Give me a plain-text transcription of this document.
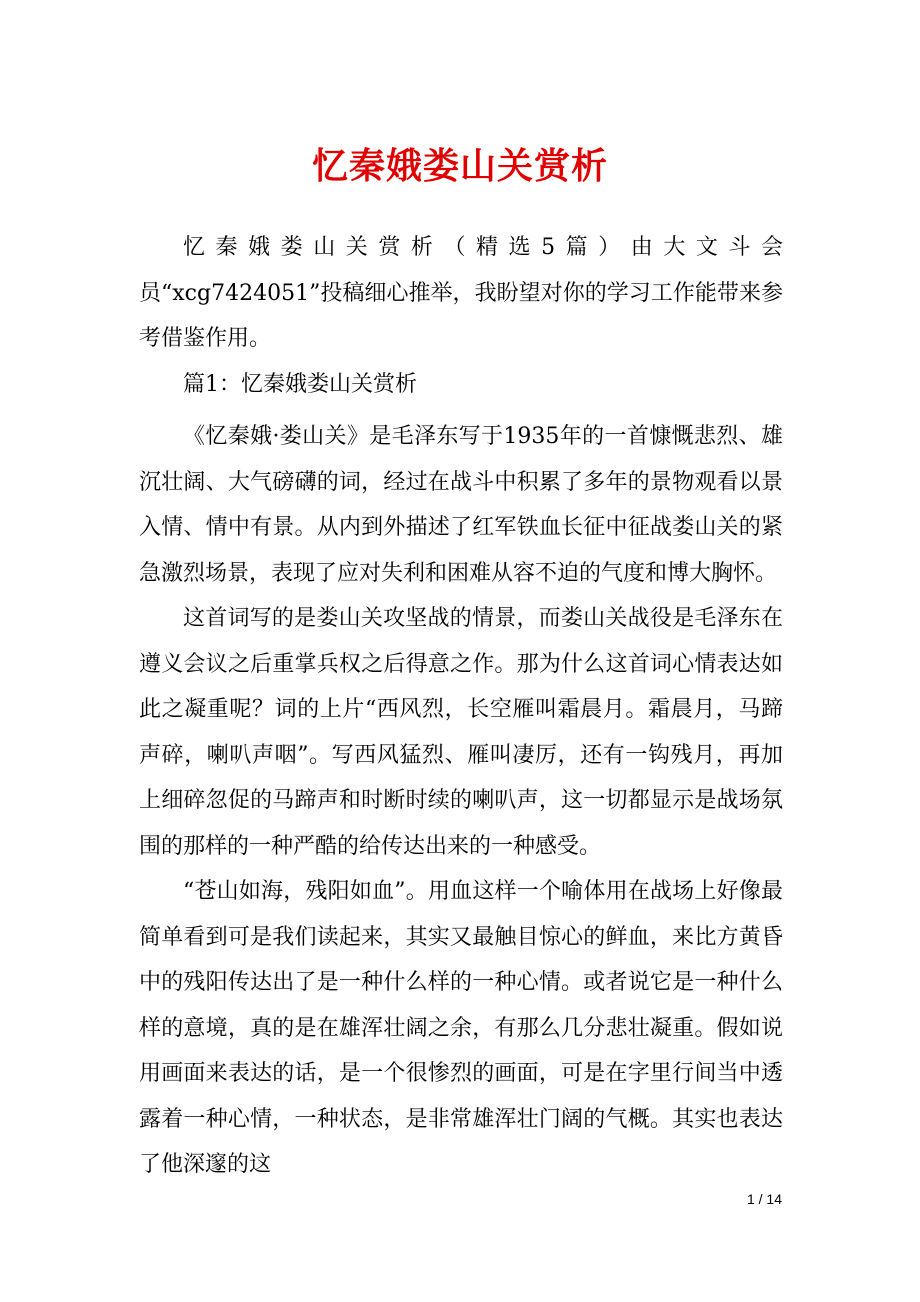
忆秦娥娄山关赏析

忆秦娥娄山关赏析（精选5篇）由大文斗会员“xcg7424051”投稿细心推举，我盼望对你的学习工作能带来参考借鉴作用。

篇1：忆秦娥娄山关赏析

《忆秦娥·娄山关》是毛泽东写于1935年的一首慷慨悲烈、雄沉壮阔、大气磅礴的词，经过在战斗中积累了多年的景物观看以景入情、情中有景。从内到外描述了红军铁血长征中征战娄山关的紧急激烈场景，表现了应对失利和困难从容不迫的气度和博大胸怀。

这首词写的是娄山关攻坚战的情景，而娄山关战役是毛泽东在遵义会议之后重掌兵权之后得意之作。那为什么这首词心情表达如此之凝重呢？词的上片“西风烈，长空雁叫霜晨月。霜晨月，马蹄声碎，喇叭声咽”。写西风猛烈、雁叫凄厉，还有一钩残月，再加上细碎忽促的马蹄声和时断时续的喇叭声，这一切都显示是战场氛围的那样的一种严酷的给传达出来的一种感受。

“苍山如海，残阳如血”。用血这样一个喻体用在战场上好像最简单看到可是我们读起来，其实又最触目惊心的鲜血，来比方黄昏中的残阳传达出了是一种什么样的一种心情。或者说它是一种什么样的意境，真的是在雄浑壮阔之余，有那么几分悲壮凝重。假如说用画面来表达的话，是一个很惨烈的画面，可是在字里行间当中透露着一种心情，一种状态，是非常雄浑壮门阔的气概。其实也表达了他深邃的这

1 / 14
